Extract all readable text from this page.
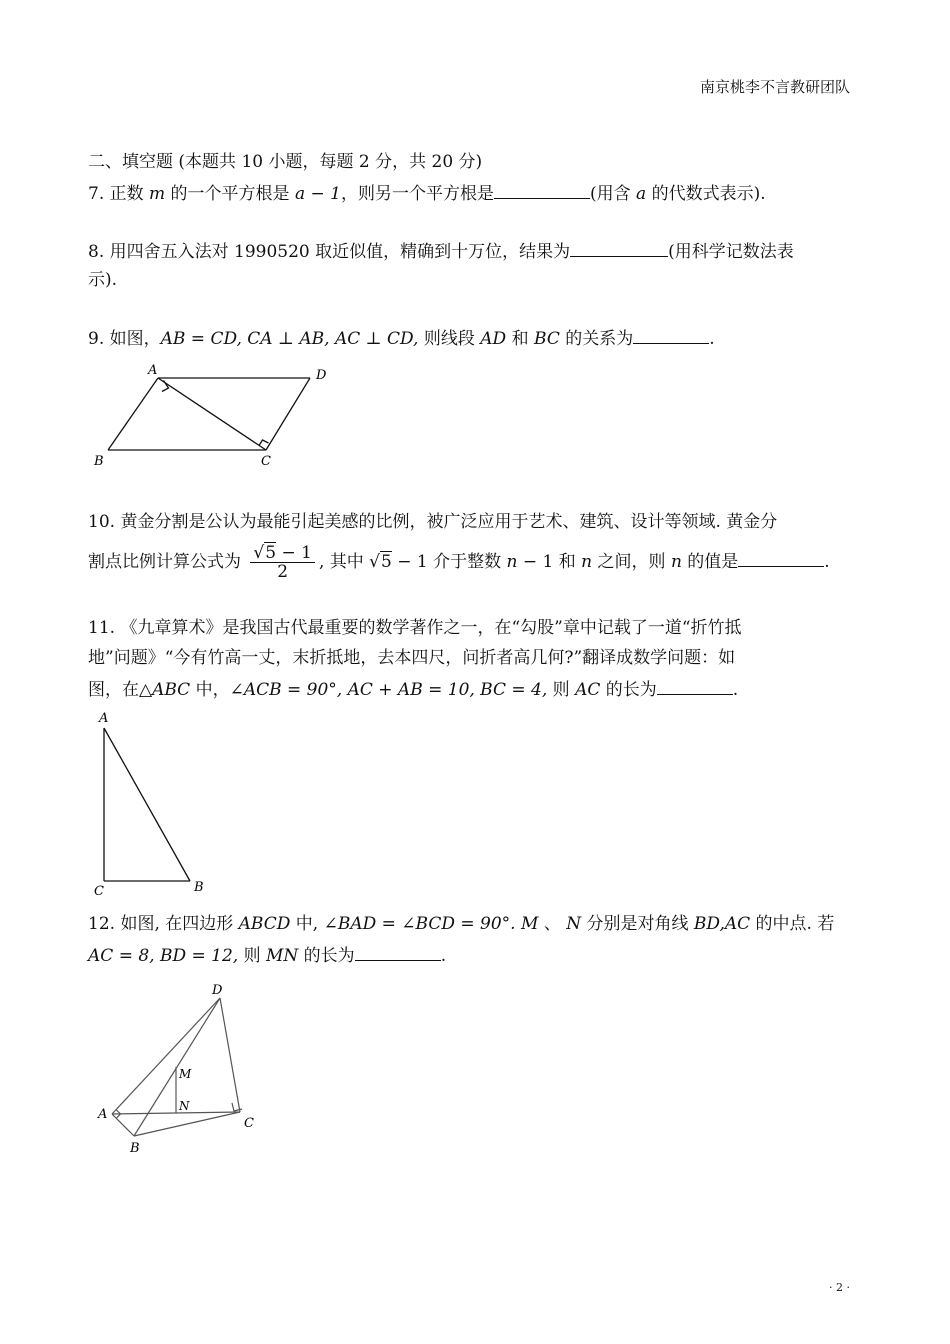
南京桃李不言教研团队
二、填空题 (本题共 10 小题，每题 2 分，共 20 分)
7. 正数 m 的一个平方根是 a − 1，则另一个平方根是	(用含 a 的代数式表示).
8. 用四舍五入法对 1990520 取近似值，精确到十万位，结果为	(用科学记数法表
示).
9. 如图，AB = CD, CA ⊥ AB, AC ⊥ CD, 则线段 AD 和 BC 的关系为	.
A	D
B	C
10. 黄金分割是公认为最能引起美感的比例，被广泛应用于艺术、建筑、设计等领域. 黄金分
割点比例计算公式为 $\frac{√5 - 1}{2}$ , 其中 √5 − 1 介于整数 n − 1 和 n 之间，则 n 的值是	.
11. 《九章算术》是我国古代最重要的数学著作之一，在“勾股”章中记载了一道“折竹抵
地”问题》“今有竹高一丈，末折抵地，去本四尺，问折者高几何?”翻译成数学问题：如
图，在△ABC 中，∠ACB = 90°, AC + AB = 10, BC = 4, 则 AC 的长为	.
A
C	B
12. 如图, 在四边形 ABCD 中, ∠BAD = ∠BCD = 90°. M 、 N 分别是对角线 BD,AC 的中点. 若
AC = 8, BD = 12, 则 MN 的长为	.
D
M
N
A
C
B
· 2 ·
